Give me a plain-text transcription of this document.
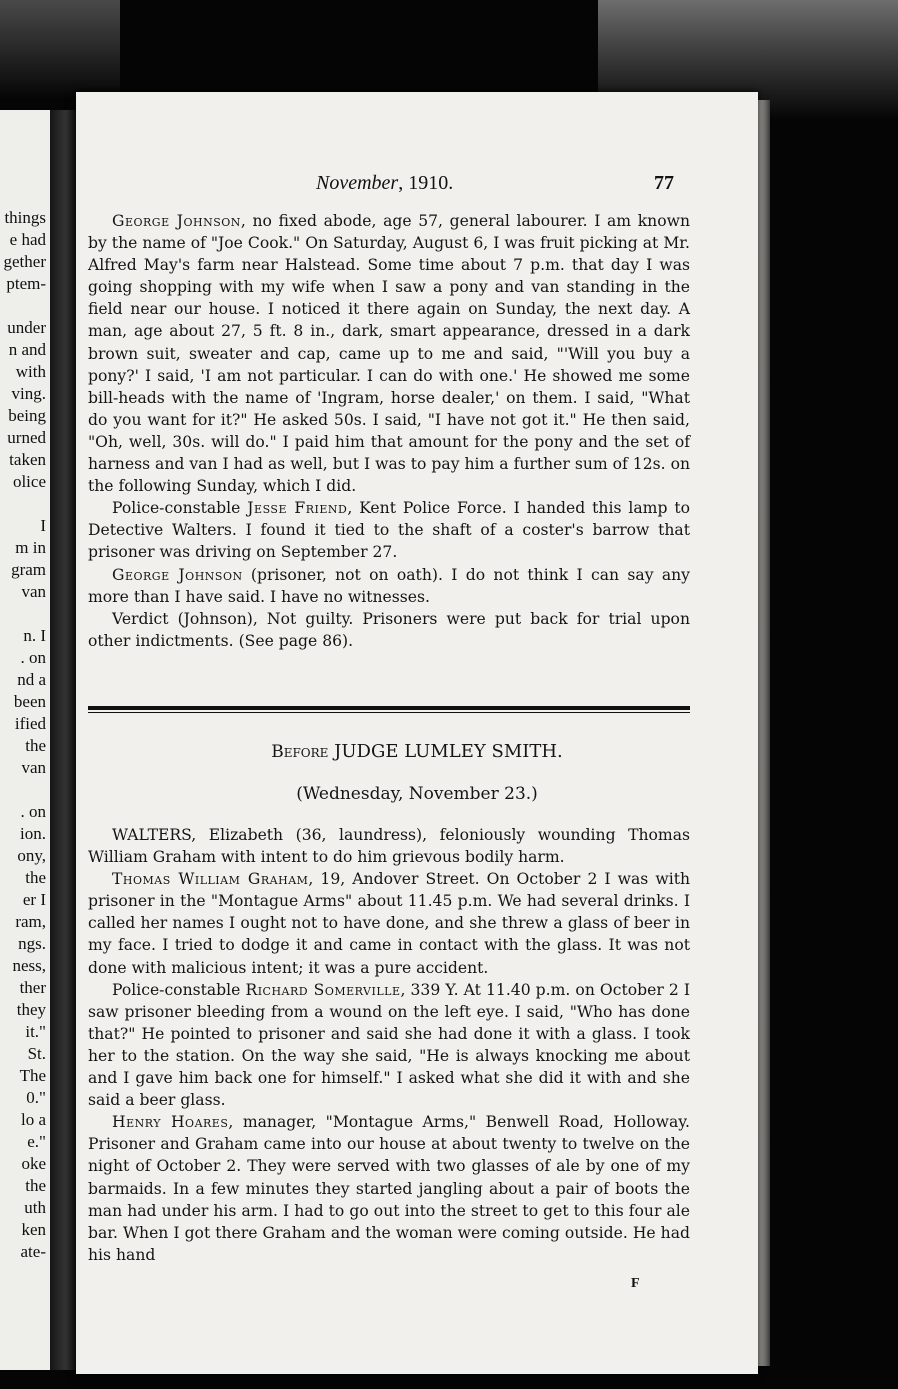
things
e had
gether
ptem-
under
n and
with
ving.
being
urned
taken
olice
I
m in
gram
van
n. I
. on
nd a
been
ified
the
van
. on
ion.
ony,
the
er I
ram,
ngs.
ness,
ther
they
it."
St.
The
0."
lo a
e."
oke
the
uth
ken
ate-
November, 1910.	77

George Johnson, no fixed abode, age 57, general labourer. I am known by the name of "Joe Cook." On Saturday, August 6, I was fruit picking at Mr. Alfred May's farm near Halstead. Some time about 7 p.m. that day I was going shopping with my wife when I saw a pony and van standing in the field near our house. I noticed it there again on Sunday, the next day. A man, age about 27, 5 ft. 8 in., dark, smart appearance, dressed in a dark brown suit, sweater and cap, came up to me and said, "'Will you buy a pony?' I said, 'I am not particular. I can do with one.' He showed me some bill-heads with the name of 'Ingram, horse dealer,' on them. I said, "What do you want for it?" He asked 50s. I said, "I have not got it." He then said, "Oh, well, 30s. will do." I paid him that amount for the pony and the set of harness and van I had as well, but I was to pay him a further sum of 12s. on the following Sunday, which I did.

Police-constable Jesse Friend, Kent Police Force. I handed this lamp to Detective Walters. I found it tied to the shaft of a coster's barrow that prisoner was driving on September 27.

George Johnson (prisoner, not on oath). I do not think I can say any more than I have said. I have no witnesses.

Verdict (Johnson), Not guilty. Prisoners were put back for trial upon other indictments. (See page 86).

Before JUDGE LUMLEY SMITH.
(Wednesday, November 23.)

WALTERS, Elizabeth (36, laundress), feloniously wounding Thomas William Graham with intent to do him grievous bodily harm.

Thomas William Graham, 19, Andover Street. On October 2 I was with prisoner in the "Montague Arms" about 11.45 p.m. We had several drinks. I called her names I ought not to have done, and she threw a glass of beer in my face. I tried to dodge it and came in contact with the glass. It was not done with malicious intent; it was a pure accident.

Police-constable Richard Somerville, 339 Y. At 11.40 p.m. on October 2 I saw prisoner bleeding from a wound on the left eye. I said, "Who has done that?" He pointed to prisoner and said she had done it with a glass. I took her to the station. On the way she said, "He is always knocking me about and I gave him back one for himself." I asked what she did it with and she said a beer glass.

Henry Hoares, manager, "Montague Arms," Benwell Road, Holloway. Prisoner and Graham came into our house at about twenty to twelve on the night of October 2. They were served with two glasses of ale by one of my barmaids. In a few minutes they started jangling about a pair of boots the man had under his arm. I had to go out into the street to get to this four ale bar. When I got there Graham and the woman were coming outside. He had his hand

F
